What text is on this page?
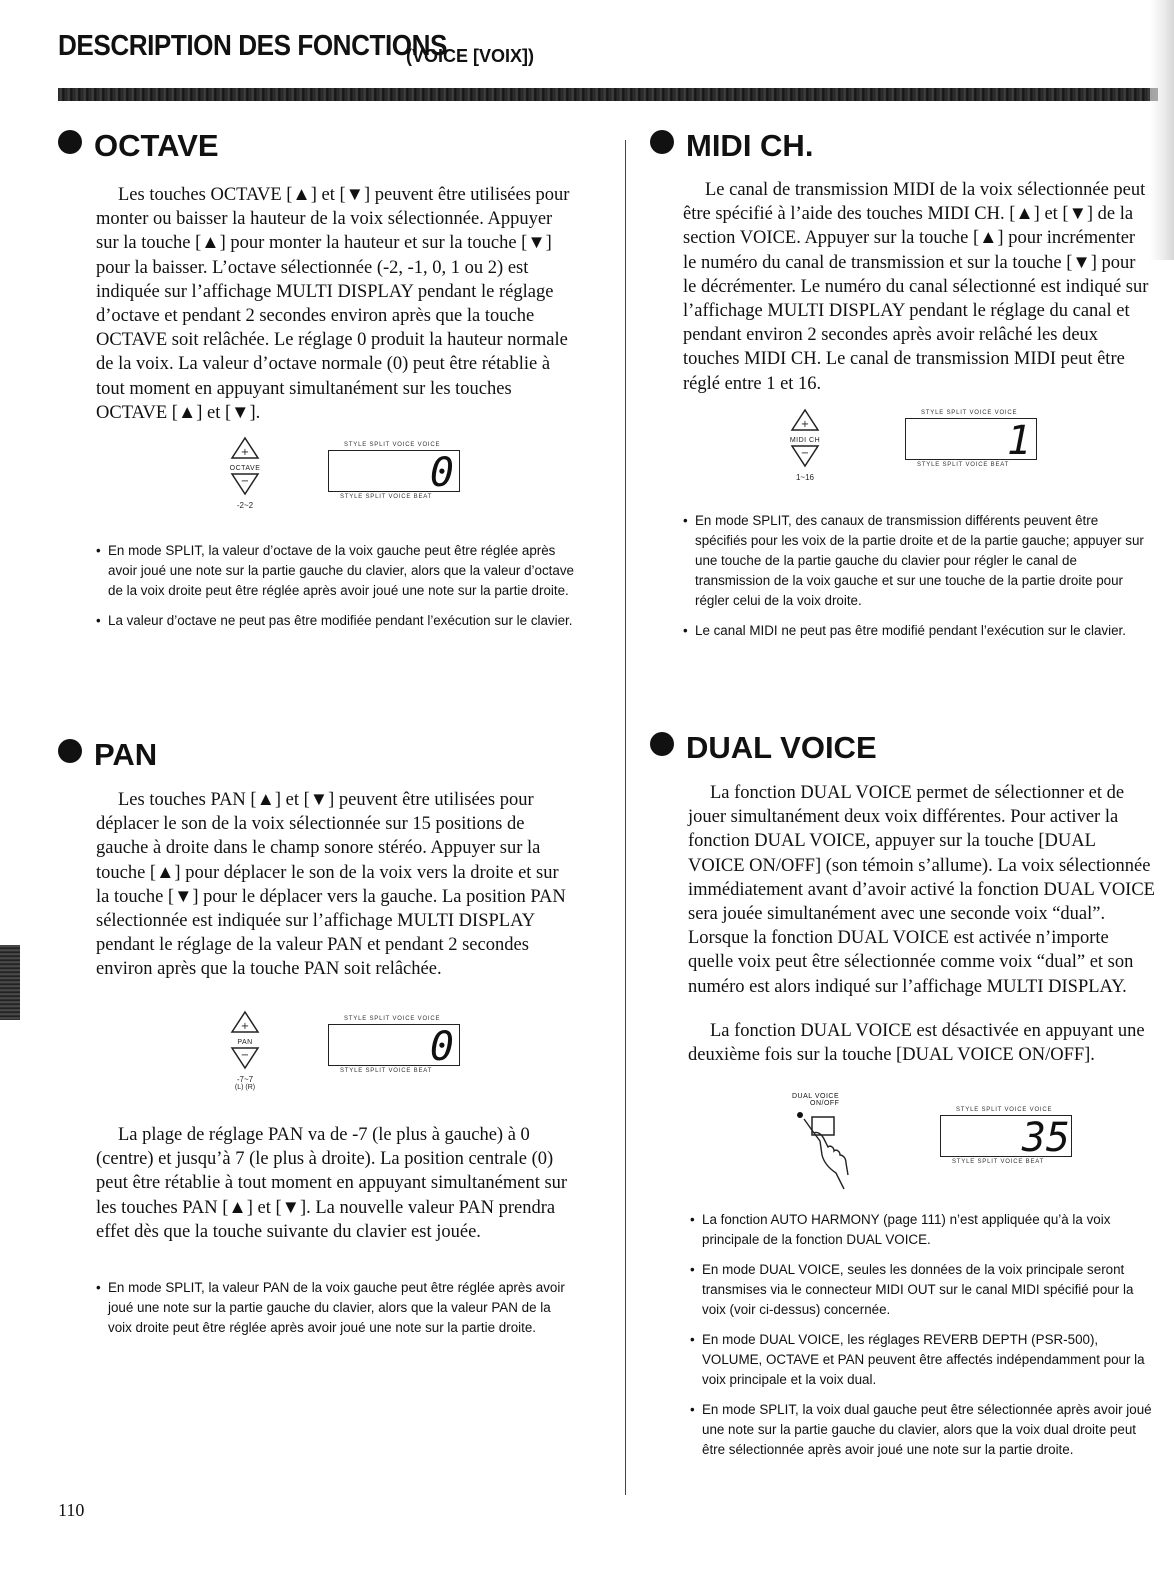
DESCRIPTION DES FONCTIONS
(VOICE [VOIX])
OCTAVE
Les touches OCTAVE [▲] et [▼] peuvent être utilisées pour monter ou baisser la hauteur de la voix sélectionnée. Appuyer sur la touche [▲] pour monter la hauteur et sur la touche [▼] pour la baisser. L’octave sélectionnée (-2, -1, 0, 1 ou 2) est indiquée sur l’affichage MULTI DISPLAY pendant le réglage d’octave et pendant 2 secondes environ après que la touche OCTAVE soit relâchée. Le réglage 0 produit la hauteur normale de la voix. La valeur d’octave normale (0) peut être rétablie à tout moment en appuyant simultanément sur les touches OCTAVE [▲] et [▼].
+
OCTAVE
−
-2~2
STYLE SPLIT VOICE VOICE
0
STYLE SPLIT VOICE BEAT
• En mode SPLIT, la valeur d’octave de la voix gauche peut être réglée après avoir joué une note sur la partie gauche du clavier, alors que la valeur d’octave de la voix droite peut être réglée après avoir joué une note sur la partie droite.
• La valeur d’octave ne peut pas être modifiée pendant l’exécution sur le clavier.
PAN
Les touches PAN [▲] et [▼] peuvent être utilisées pour déplacer le son de la voix sélectionnée sur 15 positions de gauche à droite dans le champ sonore stéréo. Appuyer sur la touche [▲] pour déplacer le son de la voix vers la droite et sur la touche [▼] pour le déplacer vers la gauche. La position PAN sélectionnée est indiquée sur l’affichage MULTI DISPLAY pendant le réglage de la valeur PAN et pendant 2 secondes environ après que la touche PAN soit relâchée.
+
PAN
−
-7~7
(L) (R)
STYLE SPLIT VOICE VOICE
0
STYLE SPLIT VOICE BEAT
La plage de réglage PAN va de -7 (le plus à gauche) à 0 (centre) et jusqu’à 7 (le plus à droite). La position centrale (0) peut être rétablie à tout moment en appuyant simultanément sur les touches PAN [▲] et [▼]. La nouvelle valeur PAN prendra effet dès que la touche suivante du clavier est jouée.
• En mode SPLIT, la valeur PAN de la voix gauche peut être réglée après avoir joué une note sur la partie gauche du clavier, alors que la valeur PAN de la voix droite peut être réglée après avoir joué une note sur la partie droite.
MIDI CH.
Le canal de transmission MIDI de la voix sélectionnée peut être spécifié à l’aide des touches MIDI CH. [▲] et [▼] de la section VOICE. Appuyer sur la touche [▲] pour incrémenter le numéro du canal de transmission et sur la touche [▼] pour le décrémenter. Le numéro du canal sélectionné est indiqué sur l’affichage MULTI DISPLAY pendant le réglage du canal et pendant environ 2 secondes après avoir relâché les deux touches MIDI CH. Le canal de transmission MIDI peut être réglé entre 1 et 16.
+
MIDI CH
−
1~16
STYLE SPLIT VOICE VOICE
1
STYLE SPLIT VOICE BEAT
• En mode SPLIT, des canaux de transmission différents peuvent être spécifiés pour les voix de la partie droite et de la partie gauche; appuyer sur une touche de la partie gauche du clavier pour régler le canal de transmission de la voix gauche et sur une touche de la partie droite pour régler celui de la voix droite.
• Le canal MIDI ne peut pas être modifié pendant l’exécution sur le clavier.
DUAL VOICE
La fonction DUAL VOICE permet de sélectionner et de jouer simultanément deux voix différentes. Pour activer la fonction DUAL VOICE, appuyer sur la touche [DUAL VOICE ON/OFF] (son témoin s’allume). La voix sélectionnée immédiatement avant d’avoir activé la fonction DUAL VOICE sera jouée simultanément avec une seconde voix “dual”. Lorsque la fonction DUAL VOICE est activée n’importe quelle voix peut être sélectionnée comme voix “dual” et son numéro est alors indiqué sur l’affichage MULTI DISPLAY.
La fonction DUAL VOICE est désactivée en appuyant une deuxième fois sur la touche [DUAL VOICE ON/OFF].
DUAL VOICE
ON/OFF
STYLE SPLIT VOICE VOICE
35
STYLE SPLIT VOICE BEAT
• La fonction AUTO HARMONY (page 111) n’est appliquée qu’à la voix principale de la fonction DUAL VOICE.
• En mode DUAL VOICE, seules les données de la voix principale seront transmises via le connecteur MIDI OUT sur le canal MIDI spécifié pour la voix (voir ci-dessus) concernée.
• En mode DUAL VOICE, les réglages REVERB DEPTH (PSR-500), VOLUME, OCTAVE et PAN peuvent être affectés indépendamment pour la voix principale et la voix dual.
• En mode SPLIT, la voix dual gauche peut être sélectionnée après avoir joué une note sur la partie gauche du clavier, alors que la voix dual droite peut être sélectionnée après avoir joué une note sur la partie droite.
110
